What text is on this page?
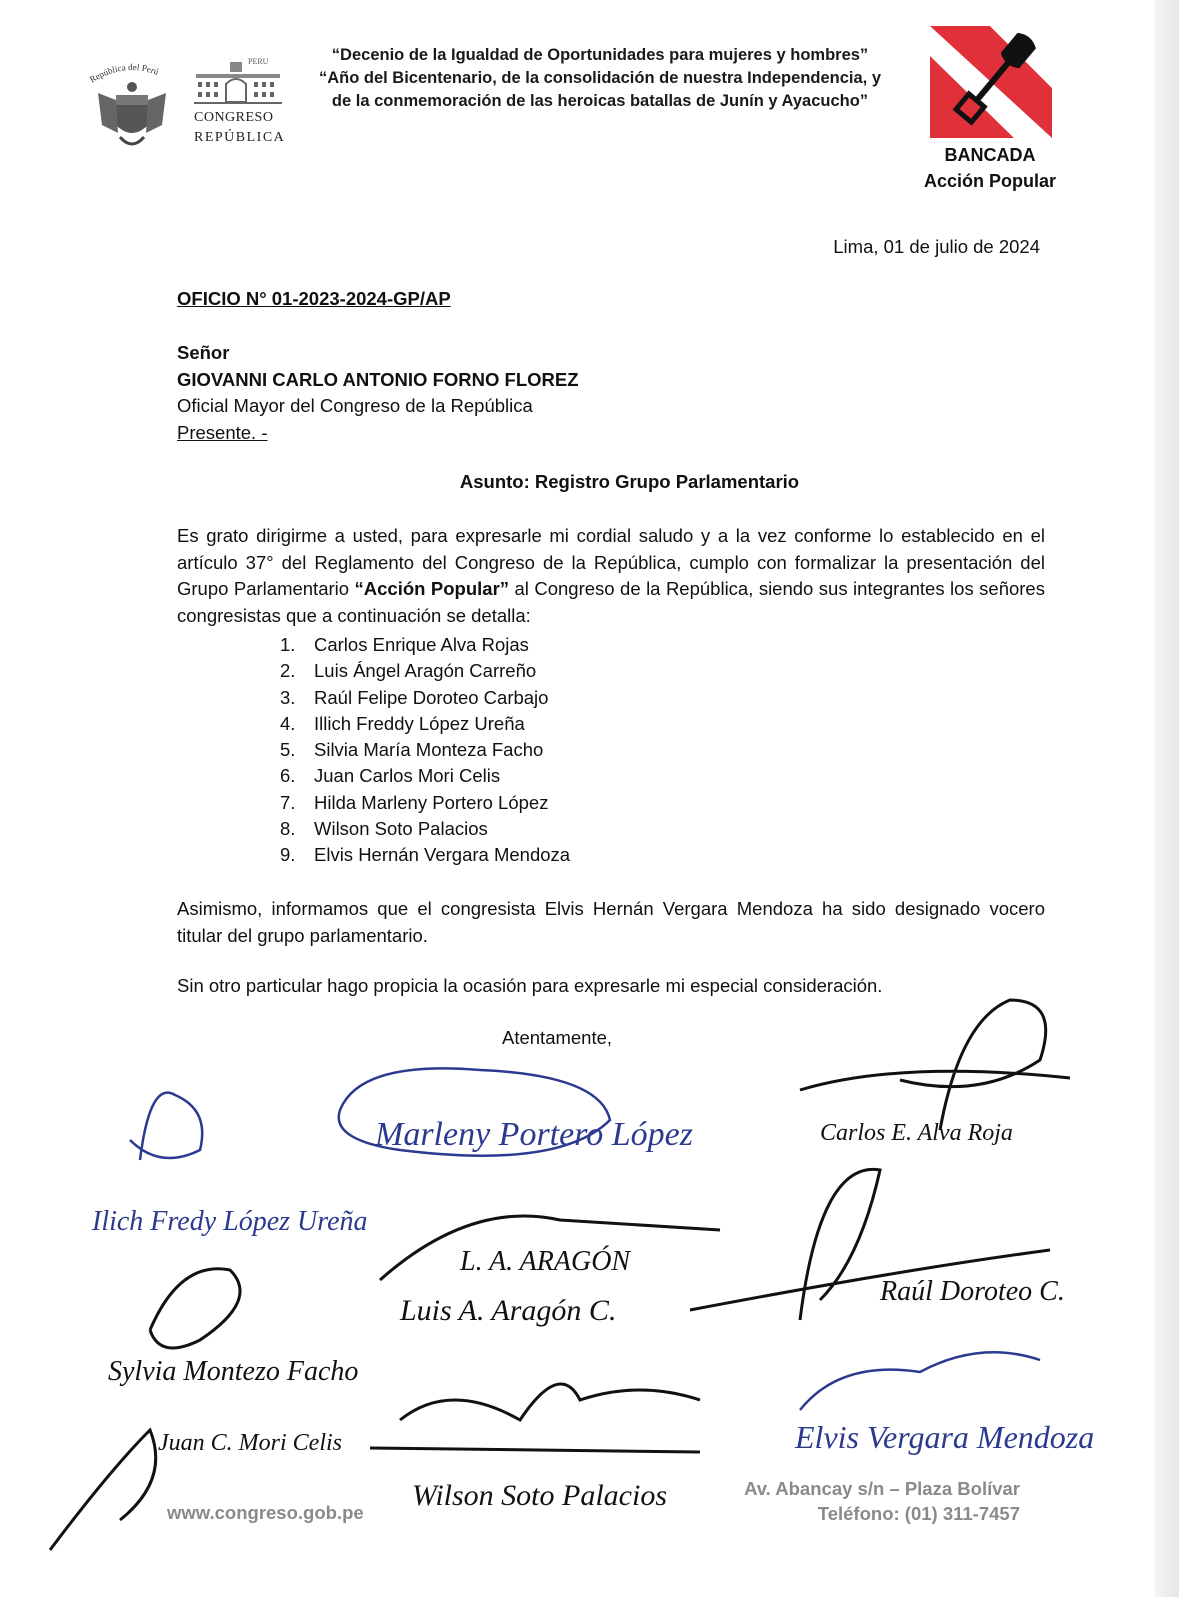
República del Perú
PERU
CONGRESO
REPÚBLICA
“Decenio de la Igualdad de Oportunidades para mujeres y hombres”
“Año del Bicentenario, de la consolidación de nuestra Independencia, y
de la conmemoración de las heroicas batallas de Junín y Ayacucho”
BANCADA
Acción Popular
Lima, 01 de julio de 2024
OFICIO N° 01-2023-2024-GP/AP
Señor
GIOVANNI CARLO ANTONIO FORNO FLOREZ
Oficial Mayor del Congreso de la República
Presente. -
Asunto: Registro Grupo Parlamentario
Es grato dirigirme a usted, para expresarle mi cordial saludo y a la vez conforme lo establecido en el artículo 37° del Reglamento del Congreso de la República, cumplo con formalizar la presentación del Grupo Parlamentario “Acción Popular” al Congreso de la República, siendo sus integrantes los señores congresistas que a continuación se detalla:
1.	Carlos Enrique Alva Rojas
2.	Luis Ángel Aragón Carreño
3.	Raúl Felipe Doroteo Carbajo
4.	Illich Freddy López Ureña
5.	Silvia María Monteza Facho
6.	Juan Carlos Mori Celis
7.	Hilda Marleny Portero López
8.	Wilson Soto Palacios
9.	Elvis Hernán Vergara Mendoza
Asimismo, informamos que el congresista Elvis Hernán Vergara Mendoza ha sido designado vocero titular del grupo parlamentario.
Sin otro particular hago propicia la ocasión para expresarle mi especial consideración.
Atentamente,
www.congreso.gob.pe
Av. Abancay s/n – Plaza Bolívar
Teléfono: (01) 311-7457
Carlos E. Alva Roja
Marleny Portero López
Ilich Fredy López Ureña
L. A. ARAGÓN
Luis A. Aragón C.
Raúl Doroteo C.
Sylvia Montezo Facho
Juan C. Mori Celis
Wilson Soto Palacios
Elvis Vergara Mendoza
